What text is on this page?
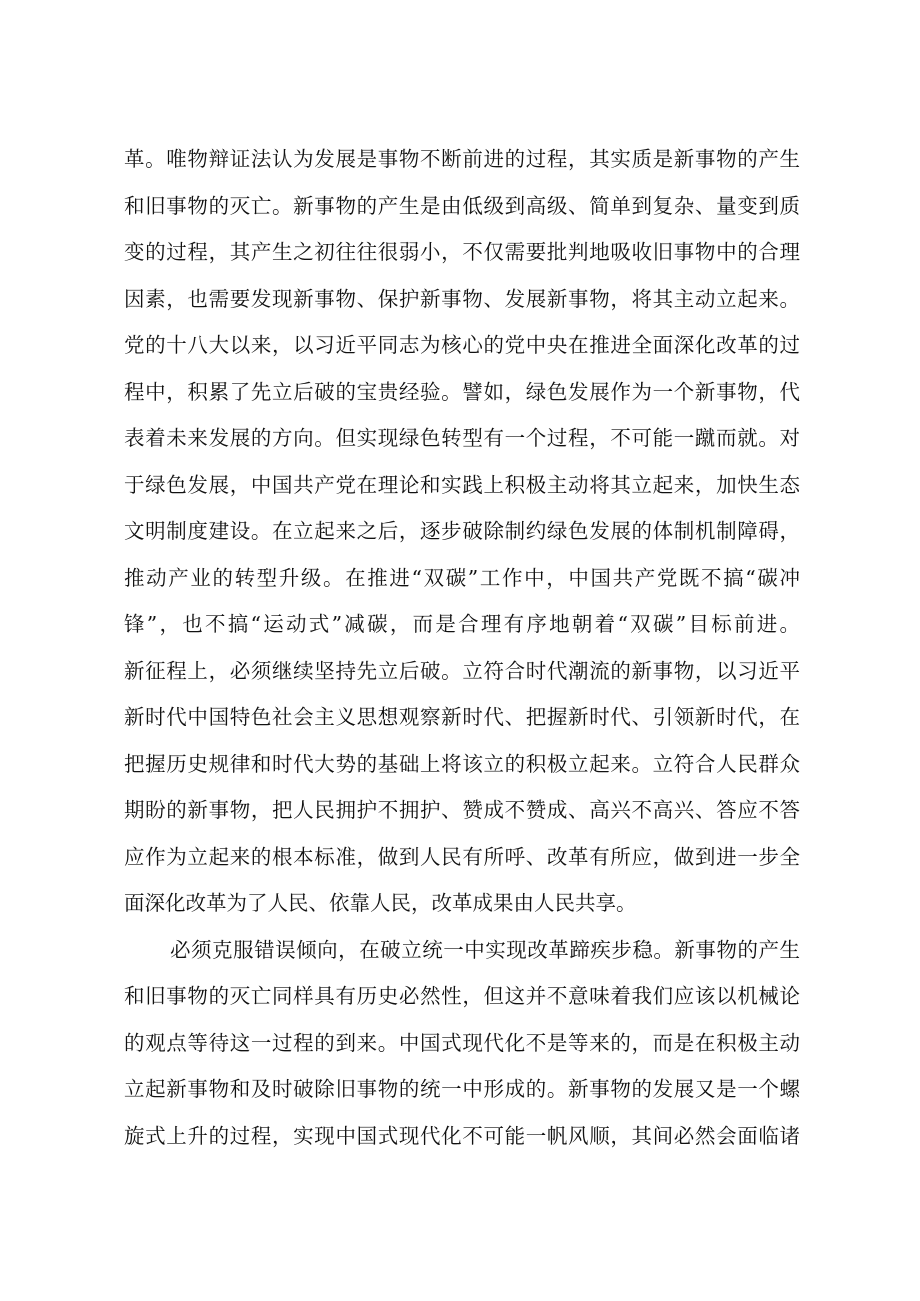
革。唯物辩证法认为发展是事物不断前进的过程，其实质是新事物的产生
和旧事物的灭亡。新事物的产生是由低级到高级、简单到复杂、量变到质
变的过程，其产生之初往往很弱小，不仅需要批判地吸收旧事物中的合理
因素，也需要发现新事物、保护新事物、发展新事物，将其主动立起来。
党的十八大以来，以习近平同志为核心的党中央在推进全面深化改革的过
程中，积累了先立后破的宝贵经验。譬如，绿色发展作为一个新事物，代
表着未来发展的方向。但实现绿色转型有一个过程，不可能一蹴而就。对
于绿色发展，中国共产党在理论和实践上积极主动将其立起来，加快生态
文明制度建设。在立起来之后，逐步破除制约绿色发展的体制机制障碍，
推动产业的转型升级。在推进“双碳”工作中，中国共产党既不搞“碳冲
锋”，也不搞“运动式”减碳，而是合理有序地朝着“双碳”目标前进。
新征程上，必须继续坚持先立后破。立符合时代潮流的新事物，以习近平
新时代中国特色社会主义思想观察新时代、把握新时代、引领新时代，在
把握历史规律和时代大势的基础上将该立的积极立起来。立符合人民群众
期盼的新事物，把人民拥护不拥护、赞成不赞成、高兴不高兴、答应不答
应作为立起来的根本标准，做到人民有所呼、改革有所应，做到进一步全
面深化改革为了人民、依靠人民，改革成果由人民共享。
必须克服错误倾向，在破立统一中实现改革蹄疾步稳。新事物的产生
和旧事物的灭亡同样具有历史必然性，但这并不意味着我们应该以机械论
的观点等待这一过程的到来。中国式现代化不是等来的，而是在积极主动
立起新事物和及时破除旧事物的统一中形成的。新事物的发展又是一个螺
旋式上升的过程，实现中国式现代化不可能一帆风顺，其间必然会面临诸
